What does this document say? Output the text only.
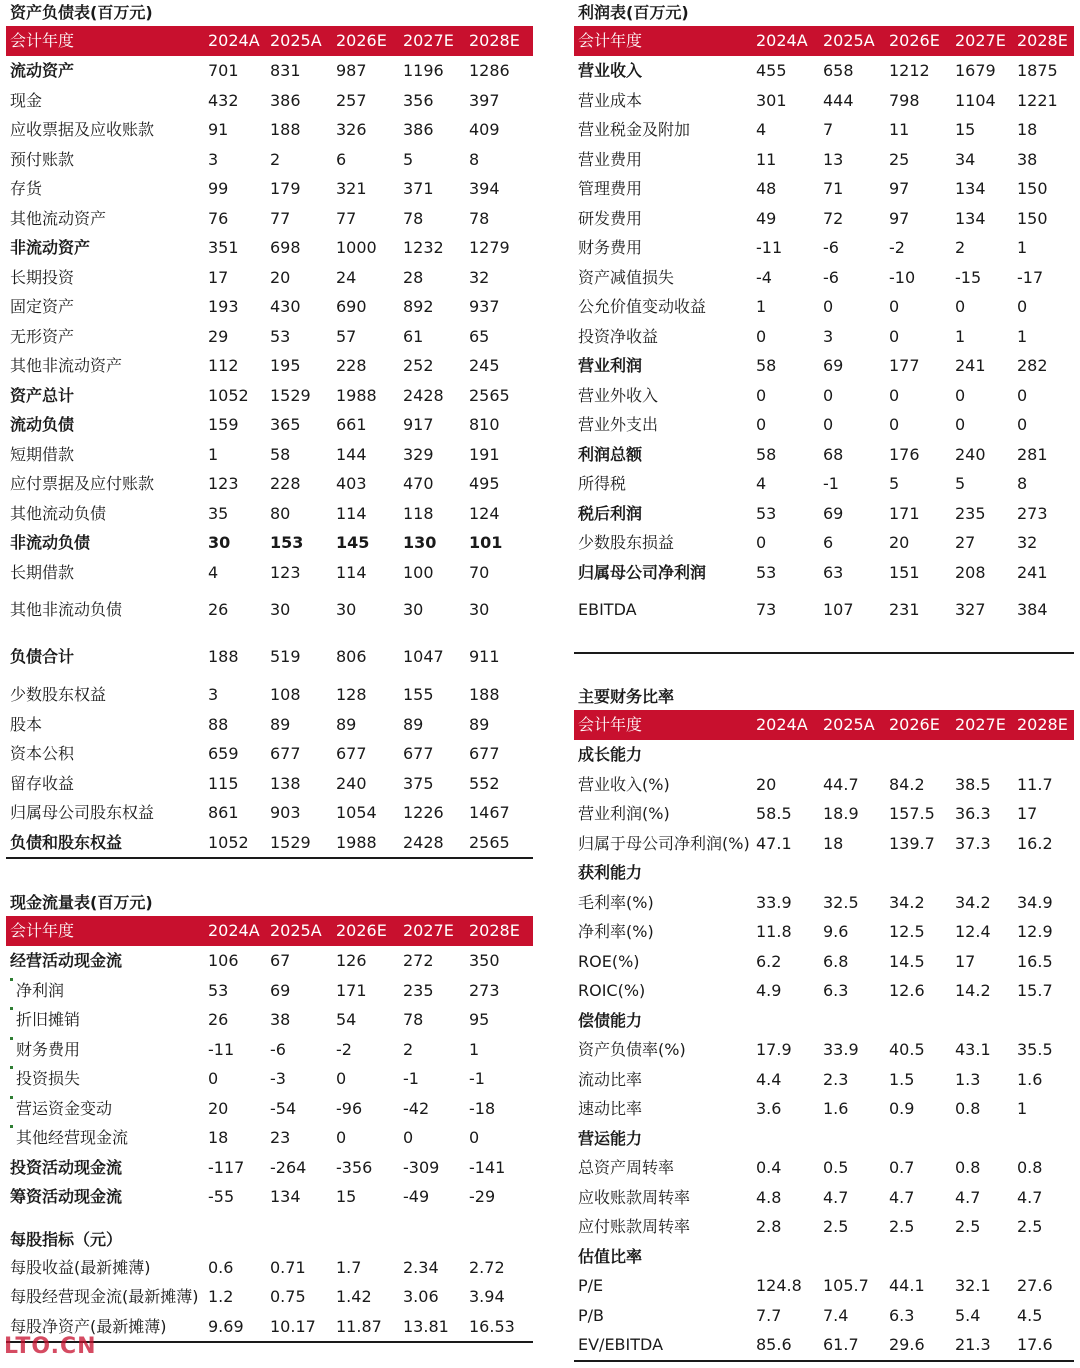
资产负债表(百万元)
会计年度	2024A 2025A 2026E 2027E 2028E
流动资产	701 831 987 1196 1286
现金	432 386 257 356 397
应收票据及应收账款	91	188 326 386 409
预付账款	3	2	6	5	8
存货	99	179 321 371 394
其他流动资产	76	77	77	78	78
非流动资产	351 698 1000 1232 1279
长期投资	17	20	24	28	32
固定资产	193 430 690 892 937
无形资产	29	53	57	61	65
其他非流动资产	112 195 228 252 245
资产总计	1052 1529 1988 2428 2565
流动负债	159 365 661 917 810
短期借款	1	58	144 329 191
应付票据及应付账款	123 228 403 470 495
其他流动负债	35	80	114 118 124
非流动负债	30 153 145 130 101
长期借款	4	123 114 100 70
其他非流动负债	26	30	30	30	30
负债合计	188 519 806 1047 911
少数股东权益	3	108 128 155 188
股本	88	89	89	89	89
资本公积	659 677 677 677 677
留存收益	115 138 240 375 552
归属母公司股东权益	861 903 1054 1226 1467
负债和股东权益	1052 1529 1988 2428 2565
现金流量表(百万元)
会计年度	2024A 2025A 2026E 2027E 2028E
经营活动现金流	106 67	126 272 350
净利润	53	69	171 235 273
折旧摊销	26	38	54	78	95
财务费用	-11 -6	-2	2	1
投资损失	0	-3	0	-1	-1
营运资金变动	20	-54 -96	-42 -18
其他经营现金流	18	23	0	0	0
投资活动现金流	-117 -264 -356 -309 -141
筹资活动现金流	-55 134 15	-49 -29
每股指标（元）
每股收益(最新摊薄)	0.6 0.71 1.7	2.34 2.72
每股经营现金流(最新摊薄) 1.2 0.75 1.42 3.06 3.94
每股净资产(最新摊薄)	9.69 10.17 11.87 13.81 16.53
利润表(百万元)
会计年度	2024A 2025A 2026E 2027E 2028E
营业收入	455 658 1212 1679 1875
营业成本	301 444 798 1104 1221
营业税金及附加	4	7	11	15	18
营业费用	11	13	25	34	38
管理费用	48	71	97	134 150
研发费用	49	72	97	134 150
财务费用	-11	-6	-2	2	1
资产减值损失	-4	-6	-10 -15 -17
公允价值变动收益	1	0	0	0	0
投资净收益	0	3	0	1	1
营业利润	58	69	177 241 282
营业外收入	0	0	0	0	0
营业外支出	0	0	0	0	0
利润总额	58	68	176 240 281
所得税	4	-1	5	5	8
税后利润	53	69	171 235 273
少数股东损益	0	6	20	27	32
归属母公司净利润	53	63	151 208 241
EBITDA	73	107 231 327 384
主要财务比率
会计年度	2024A 2025A 2026E 2027E 2028E
成长能力
营业收入(%)	20	44.7 84.2 38.5 11.7
营业利润(%)	58.5 18.9 157.5 36.3 17
归属于母公司净利润(%) 47.1 18	139.7 37.3 16.2
获利能力
毛利率(%)	33.9 32.5 34.2 34.2 34.9
净利率(%)	11.8 9.6	12.5 12.4 12.9
ROE(%)	6.2	6.8	14.5 17	16.5
ROIC(%)	4.9	6.3	12.6 14.2 15.7
偿债能力
资产负债率(%)	17.9 33.9 40.5 43.1 35.5
流动比率	4.4	2.3	1.5	1.3 1.6
速动比率	3.6	1.6	0.9	0.8 1
营运能力
总资产周转率	0.4	0.5	0.7	0.8 0.8
应收账款周转率	4.8	4.7	4.7	4.7 4.7
应付账款周转率	2.8	2.5	2.5	2.5 2.5
估值比率
P/E	124.8 105.7 44.1 32.1 27.6
P/B	7.7	7.4	6.3	5.4 4.5
EV/EBITDA	85.6 61.7 29.6 21.3 17.6
LTO.CN
